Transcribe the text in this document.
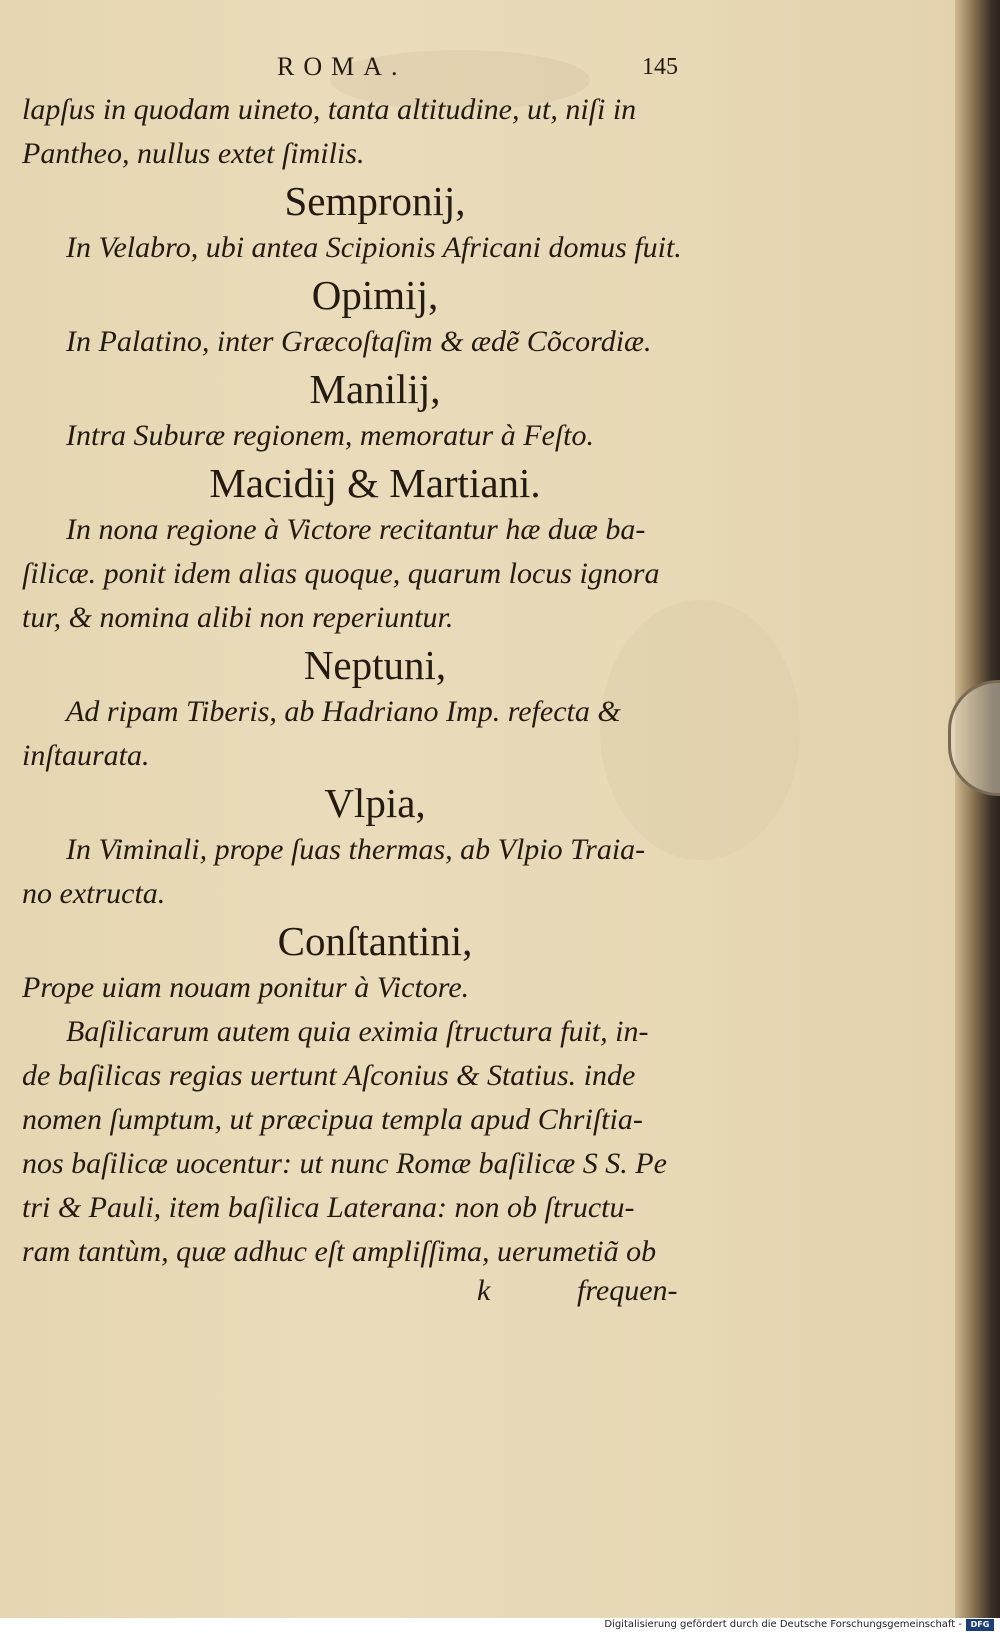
ROMA.	145
lapſus in quodam uineto, tanta altitudine, ut, niſi in
Pantheo, nullus extet ſimilis.
Sempronij,
In Velabro, ubi antea Scipionis Africani domus fuit.
Opimij,
In Palatino, inter Græcoſtaſim & ædẽ Cõcordiæ.
Manilij,
Intra Suburæ regionem, memoratur à Feſto.
Macidij & Martiani.
In nona regione à Victore recitantur hæ duæ ba-
ſilicæ. ponit idem alias quoque, quarum locus ignora
tur, & nomina alibi non reperiuntur.
Neptuni,
Ad ripam Tiberis, ab Hadriano Imp. refecta &
inſtaurata.
Vlpia,
In Viminali, prope ſuas thermas, ab Vlpio Traia-
no extructa.
Conſtantini,
Prope uiam nouam ponitur à Victore.
Baſilicarum autem quia eximia ſtructura fuit, in-
de baſilicas regias uertunt Aſconius & Statius. inde
nomen ſumptum, ut præcipua templa apud Chriſtia-
nos baſilicæ uocentur: ut nunc Romæ baſilicæ S S. Pe
tri & Pauli, item baſilica Laterana: non ob ſtructu-
ram tantùm, quæ adhuc eſt ampliſſima, uerumetiã ob
k	frequen-
Digitalisierung gefördert durch die Deutsche Forschungsgemeinschaft -	DFG
